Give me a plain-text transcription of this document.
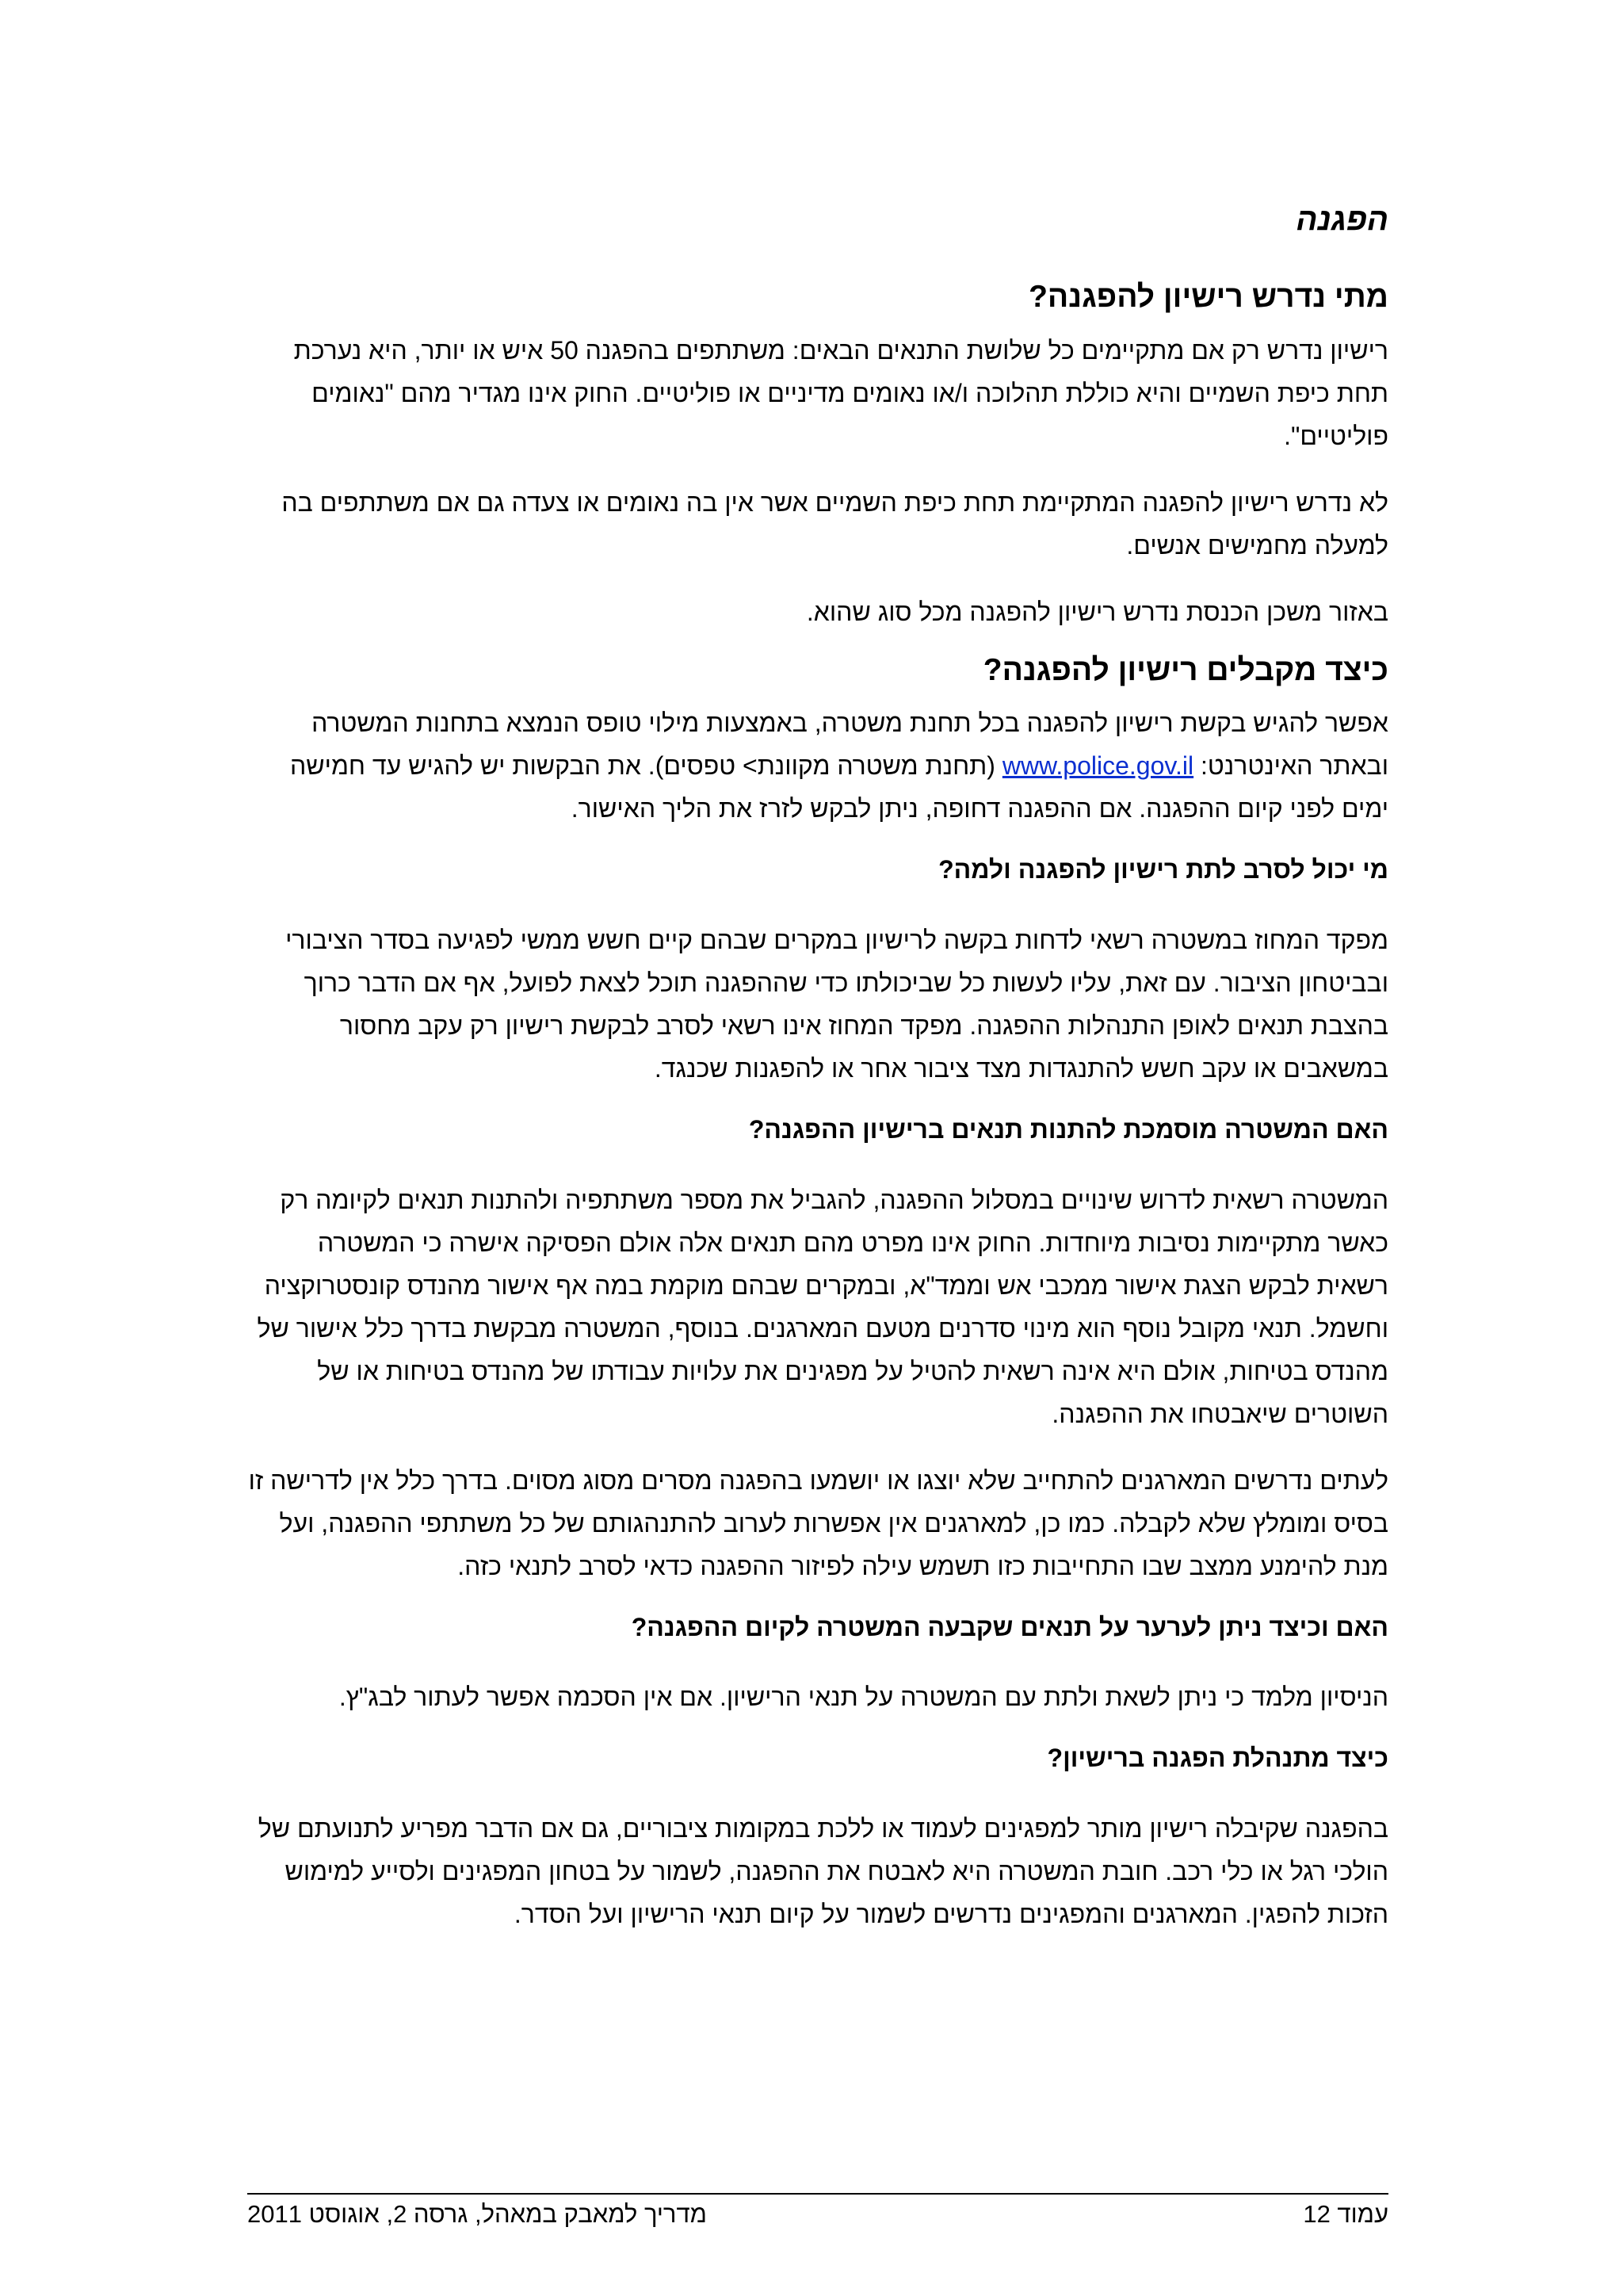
הפגנה
מתי נדרש רישיון להפגנה?

רישיון נדרש רק אם מתקיימים כל שלושת התנאים הבאים: משתתפים בהפגנה 50 איש או יותר, היא נערכת תחת כיפת השמיים והיא כוללת תהלוכה ו/או נאומים מדיניים או פוליטיים. החוק אינו מגדיר מהם "נאומים פוליטיים".

לא נדרש רישיון להפגנה המתקיימת תחת כיפת השמיים אשר אין בה נאומים או צעדה גם אם משתתפים בה למעלה מחמישים אנשים.

באזור משכן הכנסת נדרש רישיון להפגנה מכל סוג שהוא.

כיצד מקבלים רישיון להפגנה?

אפשר להגיש בקשת רישיון להפגנה בכל תחנת משטרה, באמצעות מילוי טופס הנמצא בתחנות המשטרה ובאתר האינטרנט: www.police.gov.il (תחנת משטרה מקוונת> טפסים). את הבקשות יש להגיש עד חמישה ימים לפני קיום ההפגנה. אם ההפגנה דחופה, ניתן לבקש לזרז את הליך האישור.

מי יכול לסרב לתת רישיון להפגנה ולמה?

מפקד המחוז במשטרה רשאי לדחות בקשה לרישיון במקרים שבהם קיים חשש ממשי לפגיעה בסדר הציבורי ובביטחון הציבור. עם זאת, עליו לעשות כל שביכולתו כדי שההפגנה תוכל לצאת לפועל, אף אם הדבר כרוך בהצבת תנאים לאופן התנהלות ההפגנה. מפקד המחוז אינו רשאי לסרב לבקשת רישיון רק עקב מחסור במשאבים או עקב חשש להתנגדות מצד ציבור אחר או להפגנות שכנגד.

האם המשטרה מוסמכת להתנות תנאים ברישיון ההפגנה?

המשטרה רשאית לדרוש שינויים במסלול ההפגנה, להגביל את מספר משתתפיה ולהתנות תנאים לקיומה רק כאשר מתקיימות נסיבות מיוחדות. החוק אינו מפרט מהם תנאים אלה אולם הפסיקה אישרה כי המשטרה רשאית לבקש הצגת אישור ממכבי אש וממד"א, ובמקרים שבהם מוקמת במה אף אישור מהנדס קונסטרוקציה וחשמל. תנאי מקובל נוסף הוא מינוי סדרנים מטעם המארגנים. בנוסף, המשטרה מבקשת בדרך כלל אישור של מהנדס בטיחות, אולם היא אינה רשאית להטיל על מפגינים את עלויות עבודתו של מהנדס בטיחות או של השוטרים שיאבטחו את ההפגנה.

לעתים נדרשים המארגנים להתחייב שלא יוצגו או יושמעו בהפגנה מסרים מסוג מסוים. בדרך כלל אין לדרישה זו בסיס ומומלץ שלא לקבלה. כמו כן, למארגנים אין אפשרות לערוב להתנהגותם של כל משתתפי ההפגנה, ועל מנת להימנע ממצב שבו התחייבות כזו תשמש עילה לפיזור ההפגנה כדאי לסרב לתנאי כזה.

האם וכיצד ניתן לערער על תנאים שקבעה המשטרה לקיום ההפגנה?

הניסיון מלמד כי ניתן לשאת ולתת עם המשטרה על תנאי הרישיון. אם אין הסכמה אפשר לעתור לבג"ץ.

כיצד מתנהלת הפגנה ברישיון?

בהפגנה שקיבלה רישיון מותר למפגינים לעמוד או ללכת במקומות ציבוריים, גם אם הדבר מפריע לתנועתם של הולכי רגל או כלי רכב. חובת המשטרה היא לאבטח את ההפגנה, לשמור על בטחון המפגינים ולסייע למימוש הזכות להפגין. המארגנים והמפגינים נדרשים לשמור על קיום תנאי הרישיון ועל הסדר.

עמוד 12
מדריך למאבק במאהל, גרסה 2, אוגוסט 2011
